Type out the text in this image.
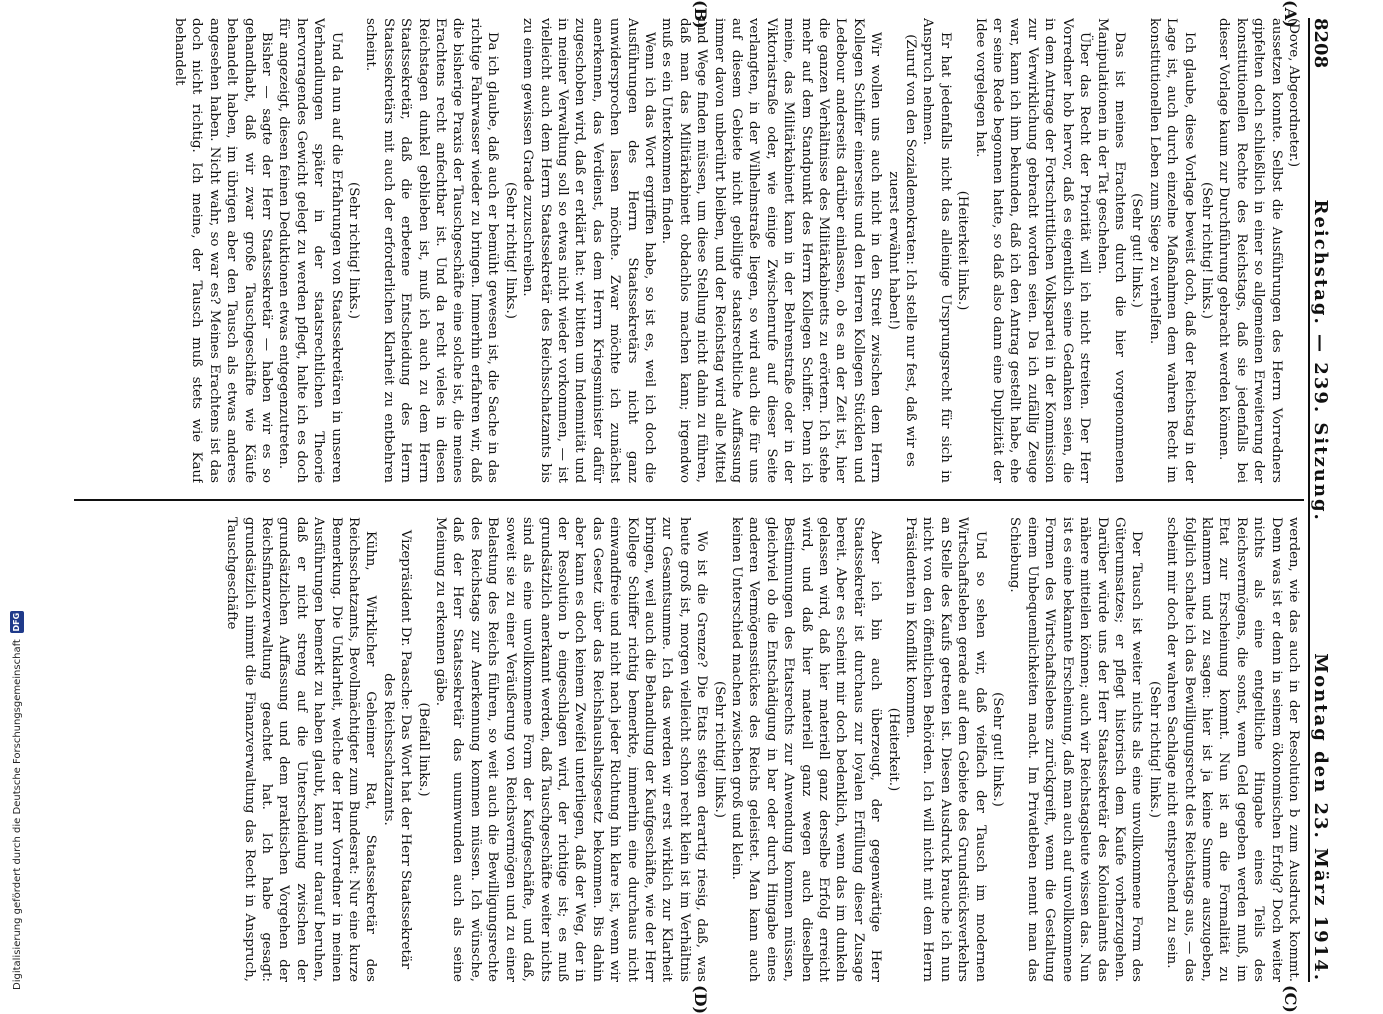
8208
Reichstag. — 239. Sitzung.
Montag den 23. März 1914.
(A)
(B)
(C)
(D)

(Dove, Abgeordneter.)

aussetzen konnte. Selbst die Ausführungen des Herrn Vorredners gipfelten doch schließlich in einer so allgemeinen Erweiterung der konstitutionellen Rechte des Reichstags, daß sie jedenfalls bei dieser Vorlage kaum zur Durchführung gebracht werden können.

(Sehr richtig! links.)

Ich glaube, diese Vorlage beweist doch, daß der Reichstag in der Lage ist, auch durch einzelne Maßnahmen dem wahren Recht im konstitutionellen Leben zum Siege zu verhelfen.

(Sehr gut! links.)

Das ist meines Erachtens durch die hier vorgenommenen Manipulationen in der Tat geschehen.

Über das Recht der Priorität will ich nicht streiten. Der Herr Vorredner hob hervor, daß es eigentlich seine Gedanken seien, die in dem Antrage der Fortschrittlichen Volkspartei in der Kommission zur Verwirklichung gebracht worden seien. Da ich zufällig Zeuge war, kann ich ihm bekunden, daß ich den Antrag gestellt habe, ehe er seine Rede begonnen hatte, so daß also dann eine Duplizität der Idee vorgelegen hat.

(Heiterkeit links.)

Er hat jedenfalls nicht das alleinige Ursprungsrecht für sich in Anspruch nehmen.

(Zuruf von den Sozialdemokraten: Ich stelle nur fest, daß wir es zuerst erwähnt haben!)

Wir wollen uns auch nicht in den Streit zwischen dem Herrn Kollegen Schiffer einerseits und den Herren Kollegen Stücklen und Ledebour anderseits darüber einlassen, ob es an der Zeit ist, hier die ganzen Verhältnisse des Militärkabinetts zu erörtern. Ich stehe mehr auf dem Standpunkt des Herrn Kollegen Schiffer. Denn ich meine, das Militärkabinett kann in der Behrenstraße oder in der Viktoriastraße oder, wie einige Zwischenrufe auf dieser Seite verlangten, in der Wilhelmstraße liegen, so wird auch die für uns auf diesem Gebiete nicht gebilligte staatsrechtliche Auffassung immer davon unberührt bleiben, und der Reichstag wird alle Mittel und Wege finden müssen, um diese Stellung nicht dahin zu führen, daß man das Militärkabinett obdachlos machen kann; irgendwo muß es ein Unterkommen finden.

Wenn ich das Wort ergriffen habe, so ist es, weil ich doch die Ausführungen des Herrn Staatssekretärs nicht ganz unwidersprochen lassen möchte. Zwar möchte ich zunächst anerkennen, das Verdienst, das dem Herrn Kriegsminister dafür zugeschoben wird, daß er erklärt hat: wir bitten um Indemnität und in meiner Verwaltung soll so etwas nicht wieder vorkommen, — ist vielleicht auch dem Herrn Staatssekretär des Reichsschatzamts bis zu einem gewissen Grade zuzuschreiben.

(Sehr richtig! links.)

Da ich glaube, daß auch er bemüht gewesen ist, die Sache in das richtige Fahrwasser wieder zu bringen. Immerhin erfahren wir, daß die bisherige Praxis der Tauschgeschäfte eine solche ist, die meines Erachtens recht anfechtbar ist. Und da recht vieles in diesen Reichstagen dunkel geblieben ist, muß ich auch zu dem Herrn Staatssekretär, daß die erbetene Entscheidung des Herrn Staatssekretärs mit auch der erforderlichen Klarheit zu entbehren scheint.

(Sehr richtig! links.)

Und da nun auf die Erfahrungen von Staatssekretären in unseren Verhandlungen später in der staatsrechtlichen Theorie hervorragendes Gewicht gelegt zu werden pflegt, halte ich es doch für angezeigt, diesen feinen Deduktionen etwas entgegenzutreten.

Bisher — sagte der Herr Staatssekretär — haben wir es so gehandhabt, daß wir zwar große Tauschgeschäfte wie Käufe behandelt haben, im übrigen aber den Tausch als etwas anderes angesehen haben. Nicht wahr, so war es? Meines Erachtens ist das doch nicht richtig. Ich meine, der Tausch muß stets wie Kauf behandelt

werden, wie das auch in der Resolution b zum Ausdruck kommt. Denn was ist er denn in seinem ökonomischen Erfolg? Doch weiter nichts als eine entgeltliche Hingabe eines Teils des Reichsvermögens, die sonst, wenn Geld gegeben werden muß, im Etat zur Erscheinung kommt. Nun ist an die Formalität zu klammern und zu sagen: hier ist ja keine Summe auszugeben, folglich schalte ich das Bewilligungsrecht des Reichstags aus, — das scheint mir doch der wahren Sachlage nicht entsprechend zu sein.

(Sehr richtig! links.)

Der Tausch ist weiter nichts als eine unvollkommene Form des Güterumsatzes; er pflegt historisch dem Kaufe vorherzugehen. Darüber würde uns der Herr Staatssekretär des Kolonialamts das nähere mitteilen können; auch wir Reichstagsleute wissen das. Nun ist es eine bekannte Erscheinung, daß man auch auf unvollkommene Formen des Wirtschaftslebens zurückgreift, wenn die Gestaltung einem Unbequemlichkeiten macht. Im Privatleben nennt man das Schiebung.

(Sehr gut! links.)

Und so sehen wir, daß vielfach der Tausch im modernen Wirtschaftsleben gerade auf dem Gebiete des Grundstücksverkehrs an Stelle des Kaufs getreten ist. Diesen Ausdruck brauche ich nun nicht von den öffentlichen Behörden. Ich will nicht mit dem Herrn Präsidenten in Konflikt kommen.

(Heiterkeit.)

Aber ich bin auch überzeugt, der gegenwärtige Herr Staatssekretär ist durchaus zur loyalen Erfüllung dieser Zusage bereit. Aber es scheint mir doch bedenklich, wenn das im dunkeln gelassen wird, daß hier materiell ganz derselbe Erfolg erreicht wird, und daß hier materiell ganz wegen auch dieselben Bestimmungen des Etatsrechts zur Anwendung kommen müssen, gleichviel ob die Entschädigung in bar oder durch Hingabe eines anderen Vermögensstückes des Reichs geleistet. Man kann auch keinen Unterschied machen zwischen groß und klein.

(Sehr richtig! links.)

Wo ist die Grenze? Die Etats steigen derartig riesig, daß, was heute groß ist, morgen vielleicht schon recht klein ist im Verhältnis zur Gesamtsumme. Ich das werden wir erst wirklich zur Klarheit bringen, weil auch die Behandlung der Kaufgeschäfte, wie der Herr Kollege Schiffer richtig bemerkte, immerhin eine durchaus nicht einwandfreie und nicht nach jeder Richtung hin klare ist, wenn wir das Gesetz über das Reichshaushaltsgesetz bekommen. Bis dahin aber kann es doch keinem Zweifel unterliegen, daß der Weg, der in der Resolution b eingeschlagen wird, der richtige ist; es muß grundsätzlich anerkannt werden, daß Tauschgeschäfte weiter nichts sind als eine unvollkommene Form der Kaufgeschäfte, und daß, soweit sie zu einer Veräußerung von Reichsvermögen und zu einer Belastung des Reichs führen, so weit auch die Bewilligungsrechte des Reichstags zur Anerkennung kommen müssen. Ich wünsche, daß der Herr Staatssekretär das unumwunden auch als seine Meinung zu erkennen gäbe.

(Beifall links.)

Vizepräsident Dr. Paasche: Das Wort hat der Herr Staatssekretär des Reichsschatzamts.

Kühn, Wirklicher Geheimer Rat, Staatssekretär des Reichsschatzamts, Bevollmächtigter zum Bundesrat: Nur eine kurze Bemerkung. Die Unklarheit, welche der Herr Vorredner in meinen Ausführungen bemerkt zu haben glaubt, kann nur darauf beruhen, daß er nicht streng auf die Unterscheidung zwischen der grundsätzlichen Auffassung und dem praktischen Vorgehen der Reichsfinanzverwaltung geachtet hat. Ich habe gesagt: grundsätzlich nimmt die Finanzverwaltung das Recht in Anspruch, Tauschgeschäfte

Digitalisierung gefördert durch die Deutsche Forschungsgemeinschaft
DFG
